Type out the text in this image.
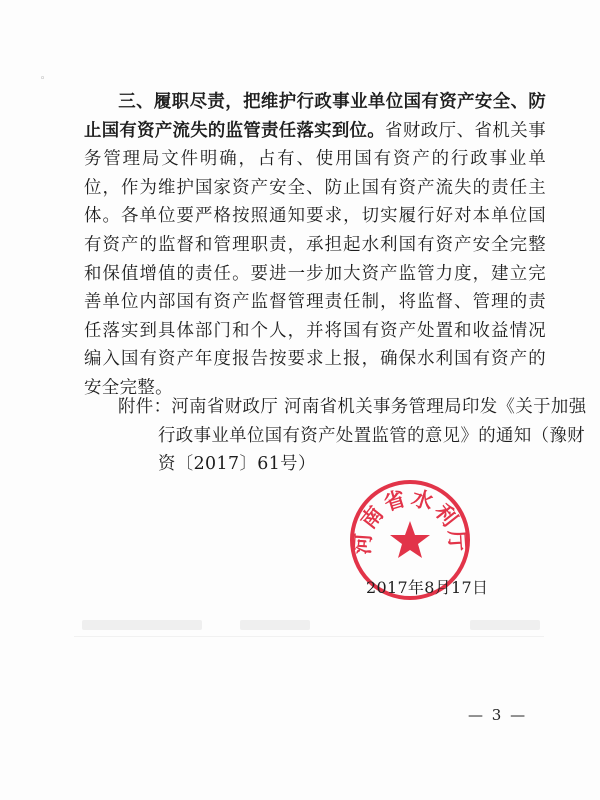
◦

三、履职尽责，把维护行政事业单位国有资产安全、防止国有资产流失的监管责任落实到位。省财政厅、省机关事务管理局文件明确，占有、使用国有资产的行政事业单位，作为维护国家资产安全、防止国有资产流失的责任主体。各单位要严格按照通知要求，切实履行好对本单位国有资产的监督和管理职责，承担起水利国有资产安全完整和保值增值的责任。要进一步加大资产监管力度，建立完善单位内部国有资产监督管理责任制，将监督、管理的责任落实到具体部门和个人，并将国有资产处置和收益情况编入国有资产年度报告按要求上报，确保水利国有资产的安全完整。

附件：河南省财政厅 河南省机关事务管理局印发《关于加强
行政事业单位国有资产处置监管的意见》的通知（豫财
资〔2017〕61号）
河南省水利厅
2017年8月17日
— 3 —
